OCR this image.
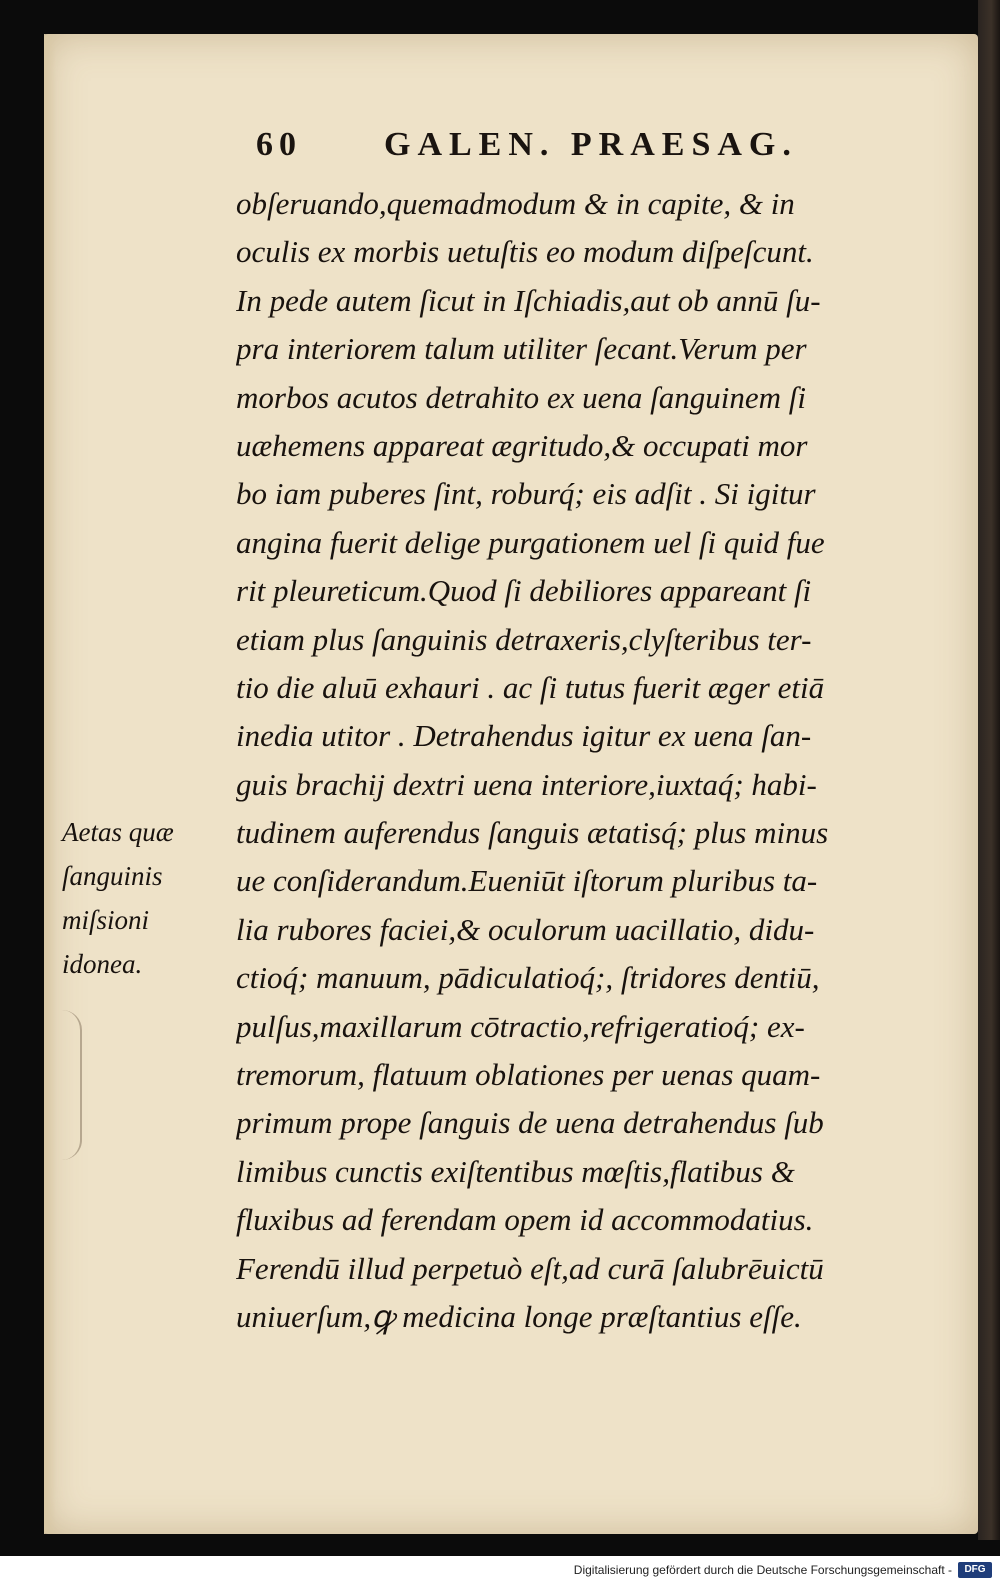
60 GALEN. PRAESAG.
obſeruando,quemadmodum & in capite, & in
oculis ex morbis uetuſtis eo modum diſpeſcunt.
In pede autem ſicut in Iſchiadis,aut ob annū ſu-
pra interiorem talum utiliter ſecant.Verum per
morbos acutos detrahito ex uena ſanguinem ſi
uæhemens appareat ægritudo,& occupati mor
bo iam puberes ſint, roburq́; eis adſit . Si igitur
angina fuerit delige purgationem uel ſi quid fue
rit pleureticum.Quod ſi debiliores appareant ſi
etiam plus ſanguinis detraxeris,clyſteribus ter-
tio die aluū exhauri . ac ſi tutus fuerit æger etiā
inedia utitor . Detrahendus igitur ex uena ſan-
guis brachij dextri uena interiore,iuxtaq́; habi-
tudinem auferendus ſanguis ætatisq́; plus minus
ue conſiderandum.Eueniūt iſtorum pluribus ta-
lia rubores faciei,& oculorum uacillatio, didu-
ctioq́; manuum, pādiculatioq́;, ſtridores dentiū,
pulſus,maxillarum cōtractio,refrigeratioq́; ex-
tremorum, flatuum oblationes per uenas quam-
primum prope ſanguis de uena detrahendus ſub
limibus cunctis exiſtentibus mœſtis,flatibus &
fluxibus ad ferendam opem id accommodatius.
Ferendū illud perpetuò eſt,ad curā ſalubrēuictū
uniuerſum,ꝙ medicina longe præſtantius eſſe.
Aetas quæ
ſanguinis
miſsioni
idonea.
Digitalisierung gefördert durch die Deutsche Forschungsgemeinschaft -	DFG
